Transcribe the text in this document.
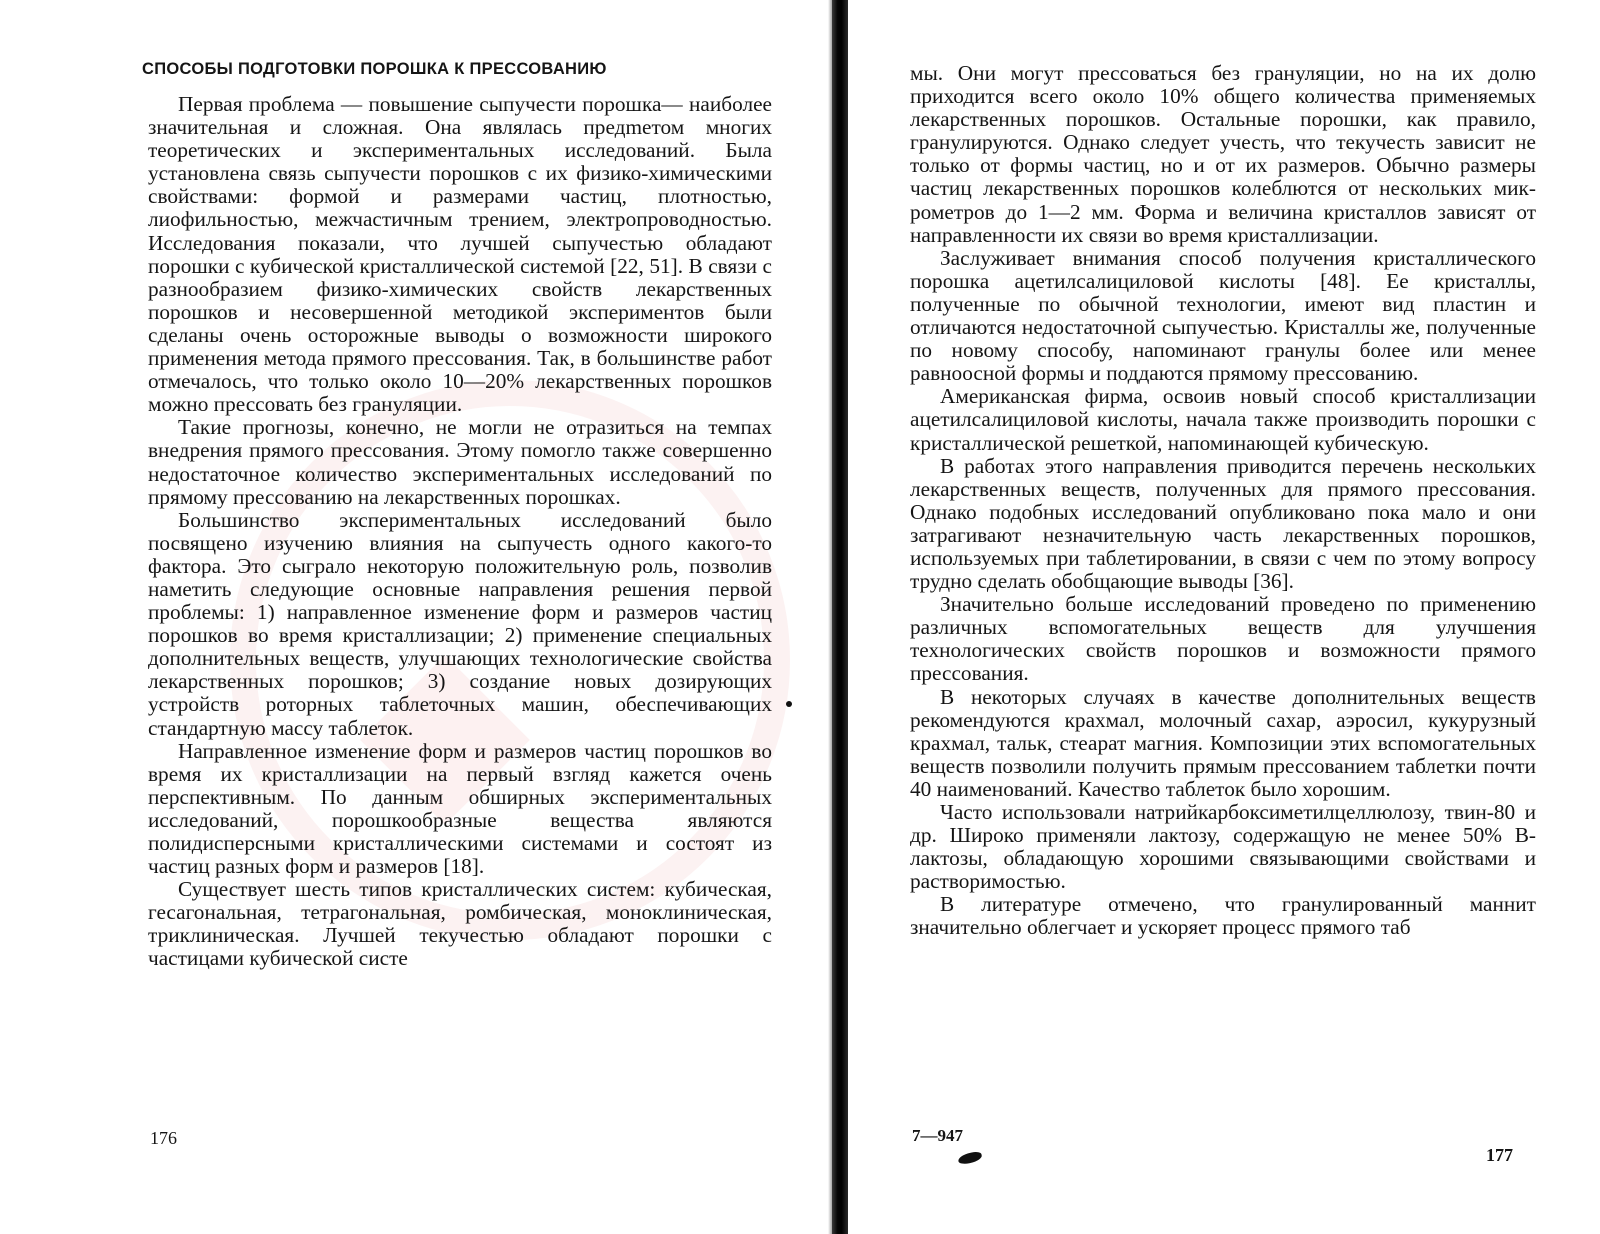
СПОСОБЫ ПОДГОТОВКИ ПОРОШКА К ПРЕССОВАНИЮ

Первая проблема — повышение сыпучести порошка— наиболее значительная и сложная. Она являлась предmетом многих теоретических и экспериментальных исследований. Была установлена связь сыпучести порошков с их физико-химическими свойствами: формой и размерами частиц, плотностью, лиофильностью, межчастичным трением, электропроводностью. Исследования показали, что лучшей сыпучестью обладают порошки с кубической кристаллической системой [22, 51]. В связи с разнообразием физико-химических свойств лекарственных порошков и несовершенной методикой экспериментов были сделаны очень осторожные выводы о возможности широкого применения метода прямого прессования. Так, в большинстве работ отмечалось, что только около 10—20% лекарственных порошков можно прессовать без грануляции.

Такие прогнозы, конечно, не могли не отразиться на темпах внедрения прямого прессования. Этому помогло также совершенно недостаточное количество экспериментальных исследований по прямому прессованию на лекарственных порошках.

Большинство экспериментальных исследований было посвящено изучению влияния на сыпучесть одного какого-то фактора. Это сыграло некоторую положительную роль, позволив наметить следующие основные направления решения первой проблемы: 1) направленное изменение форм и размеров частиц порошков во время кристаллизации; 2) применение специальных дополнительных веществ, улучшающих технологические свойства лекарственных порошков; 3) создание новых дозирующих устройств роторных таблеточных машин, обеспечивающих стандартную массу таблеток.

Направленное изменение форм и размеров частиц порошков во время их кристаллизации на первый взгляд кажется очень перспективным. По данным обширных экспериментальных исследований, порошкообразные вещества являются полидисперсными кристаллическими системами и состоят из частиц разных форм и размеров [18].

Существует шесть типов кристаллических систем: кубическая, гесагональная, тетрагональная, ромбическая, моноклиническая, триклиническая. Лучшей текучестью обладают порошки с частицами кубической систе

176

мы. Они могут прессоваться без грануляции, но на их долю приходится всего около 10% общего количества применяемых лекарственных порошков. Остальные порошки, как правило, гранулируются. Однако следует учесть, что текучесть зависит не только от формы частиц, но и от их размеров. Обычно размеры частиц лекарственных порошков колеблются от нескольких микрометров до 1—2 мм. Форма и величина кристаллов зависят от направленности их связи во время кристаллизации.

Заслуживает внимания способ получения кристаллического порошка ацетилсалициловой кислоты [48]. Ее кристаллы, полученные по обычной технологии, имеют вид пластин и отличаются недостаточной сыпучестью. Кристаллы же, полученные по новому способу, напоминают гранулы более или менее равноосной формы и поддаются прямому прессованию.

Американская фирма, освоив новый способ кристаллизации ацетилсалициловой кислоты, начала также производить порошки с кристаллической решеткой, напоминающей кубическую.

В работах этого направления приводится перечень нескольких лекарственных веществ, полученных для прямого прессования. Однако подобных исследований опубликовано пока мало и они затрагивают незначительную часть лекарственных порошков, используемых при таблетировании, в связи с чем по этому вопросу трудно сделать обобщающие выводы [36].

Значительно больше исследований проведено по применению различных вспомогательных веществ для улучшения технологических свойств порошков и возможности прямого прессования.

В некоторых случаях в качестве дополнительных веществ рекомендуются крахмал, молочный сахар, аэросил, кукурузный крахмал, тальк, стеарат магния. Композиции этих вспомогательных веществ позволили получить прямым прессованием таблетки почти 40 наименований. Качество таблеток было хорошим.

Часто использовали натрийкарбоксиметилцеллюлозу, твин-80 и др. Широко применяли лактозу, содержащую не менее 50% В-лактозы, обладающую хорошими связывающими свойствами и растворимостью.

В литературе отмечено, что гранулированный маннит значительно облегчает и ускоряет процесс прямого таб

7—947
177
